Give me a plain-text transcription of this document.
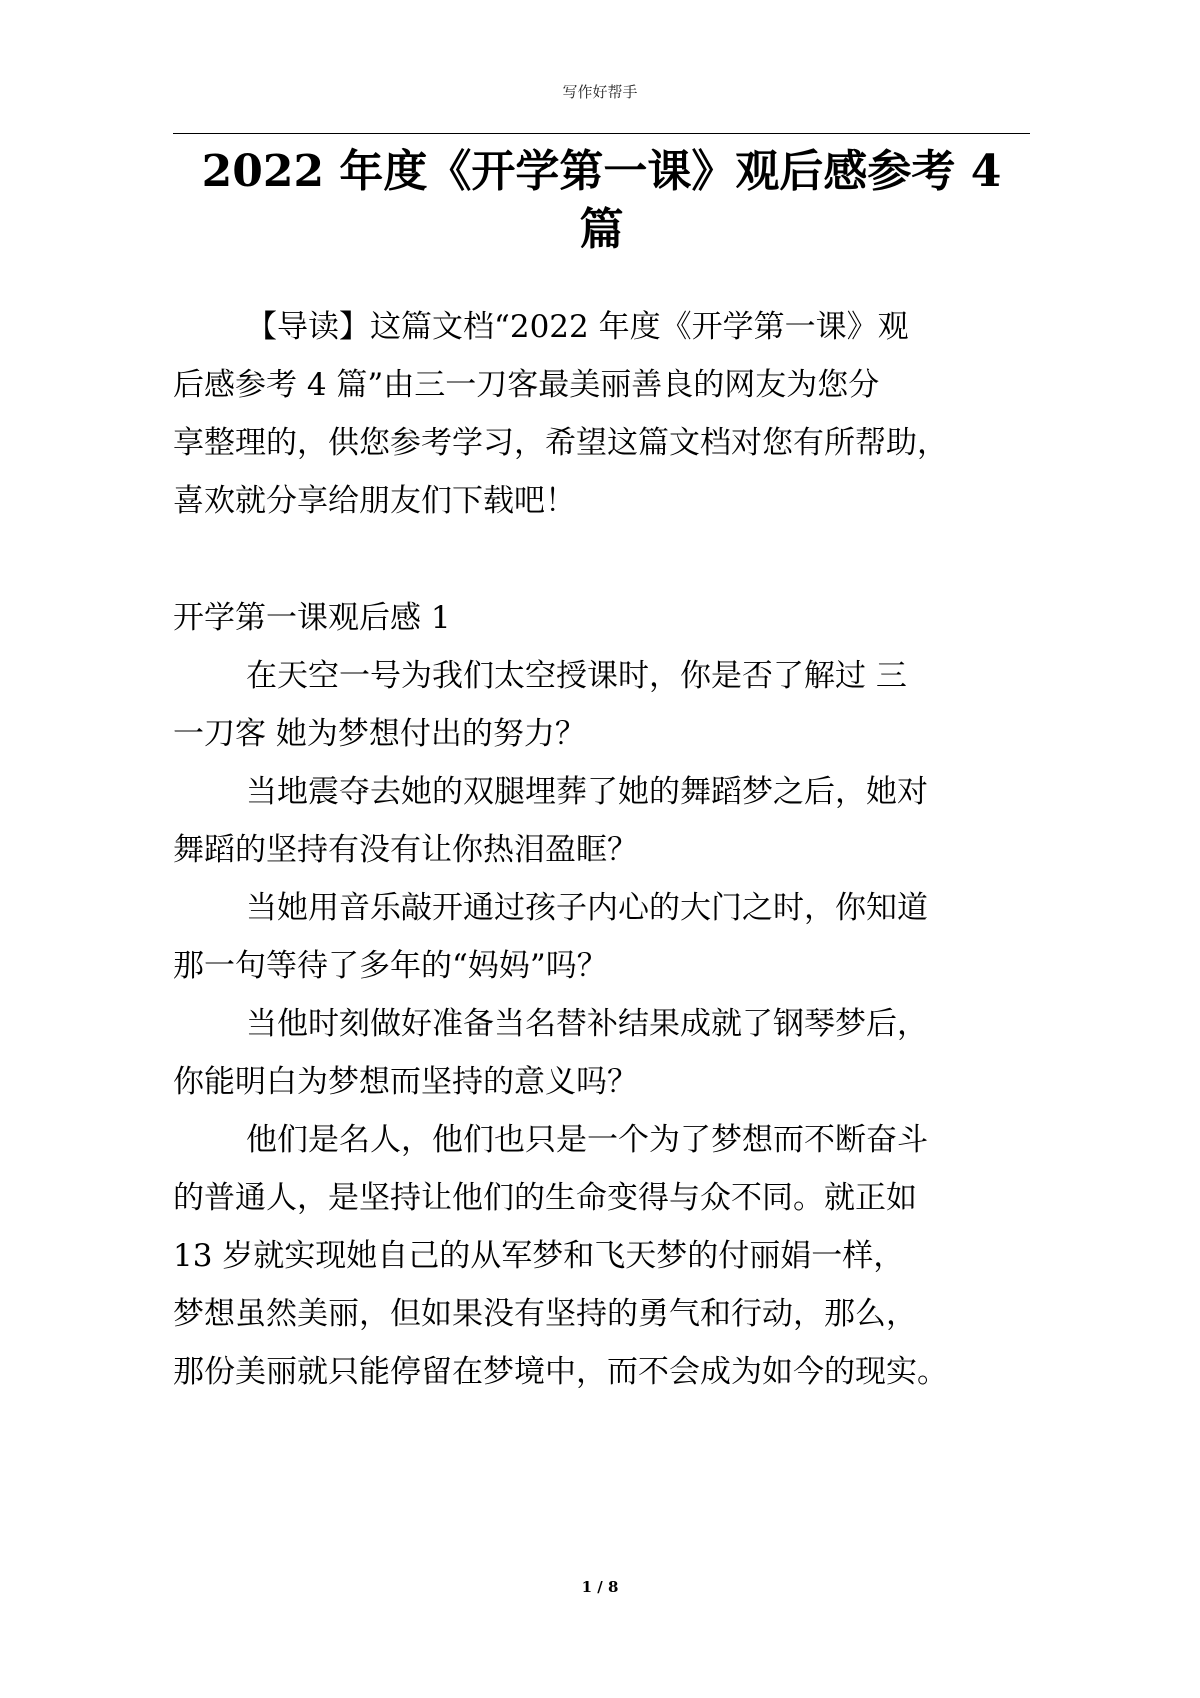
写作好帮手
2022 年度《开学第一课》观后感参考 4
篇

【导读】这篇文档“2022 年度《开学第一课》观

后感参考 4 篇”由三一刀客最美丽善良的网友为您分

享整理的，供您参考学习，希望这篇文档对您有所帮助，

喜欢就分享给朋友们下载吧！

开学第一课观后感 1

在天空一号为我们太空授课时，你是否了解过 三

一刀客 她为梦想付出的努力？

当地震夺去她的双腿埋葬了她的舞蹈梦之后，她对

舞蹈的坚持有没有让你热泪盈眶？

当她用音乐敲开通过孩子内心的大门之时，你知道

那一句等待了多年的“妈妈”吗？

当他时刻做好准备当名替补结果成就了钢琴梦后，

你能明白为梦想而坚持的意义吗？

他们是名人，他们也只是一个为了梦想而不断奋斗

的普通人，是坚持让他们的生命变得与众不同。就正如

13 岁就实现她自己的从军梦和飞天梦的付丽娟一样，

梦想虽然美丽，但如果没有坚持的勇气和行动，那么，

那份美丽就只能停留在梦境中，而不会成为如今的现实。

1 / 8
